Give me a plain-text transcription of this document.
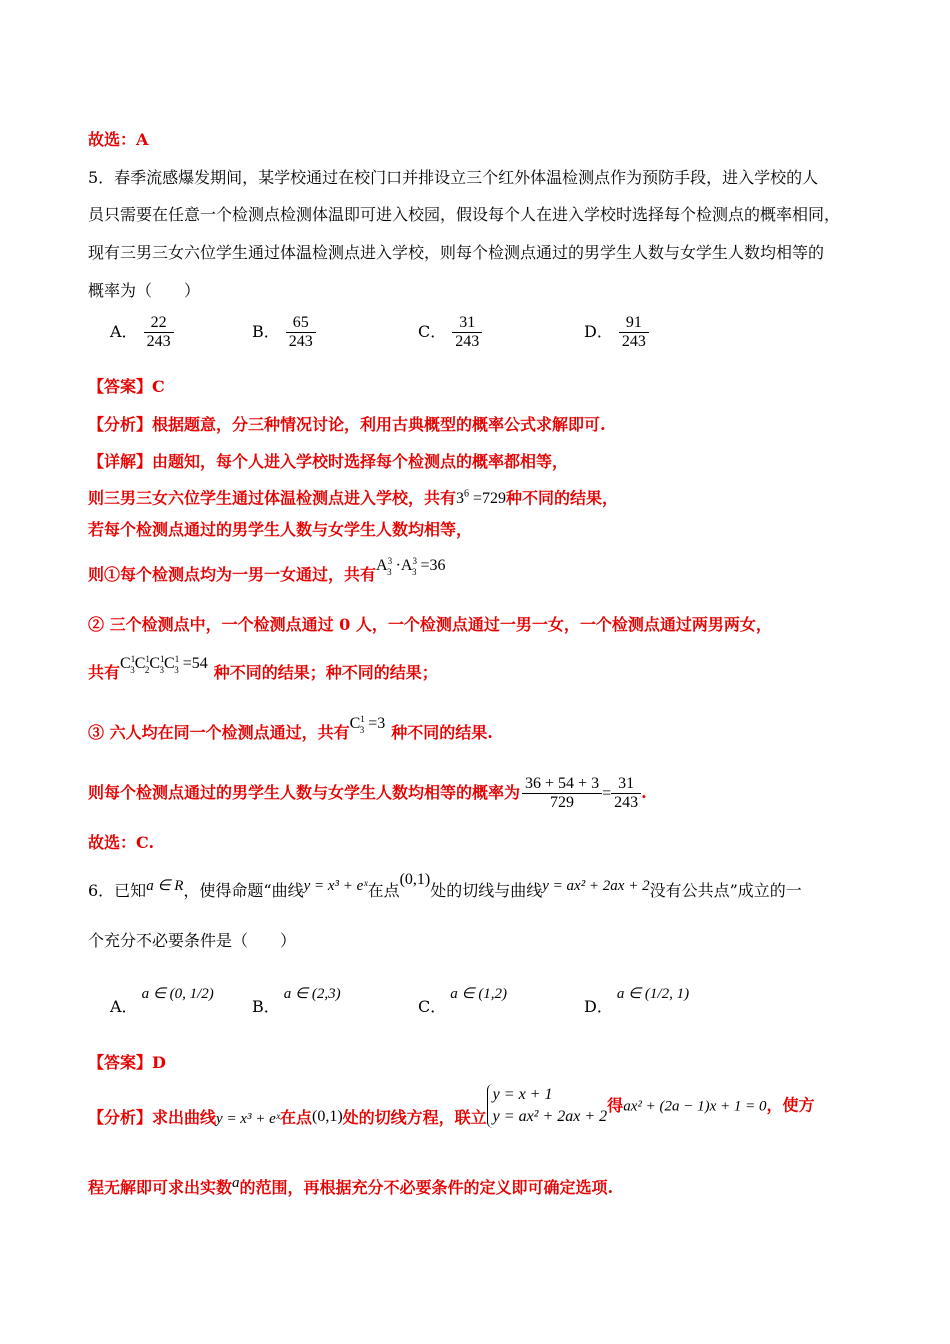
故选：A
5．春季流感爆发期间，某学校通过在校门口并排设立三个红外体温检测点作为预防手段，进入学校的人
员只需要在任意一个检测点检测体温即可进入校园，假设每个人在进入学校时选择每个检测点的概率相同，
现有三男三女六位学生通过体温检测点进入学校，则每个检测点通过的男学生人数与女学生人数均相等的
概率为（　　）
A． $\frac{22}{243}$	B． $\frac{65}{243}$	C． $\frac{31}{243}$	D． $\frac{91}{243}$
【答案】C
【分析】根据题意，分三种情况讨论，利用古典概型的概率公式求解即可.
【详解】由题知，每个人进入学校时选择每个检测点的概率都相等，
则三男三女六位学生通过体温检测点进入学校，共有$3^6 =729$种不同的结果，
若每个检测点通过的男学生人数与女学生人数均相等，
则①每个检测点均为一男一女通过，共有$A^3_3 \cdot A^3_3 =36$
② 三个检测点中，一个检测点通过 0 人，一个检测点通过一男一女，一个检测点通过两男两女，
共有$C^1_3C^1_2C^1_3C^1_3 =54$ 种不同的结果；种不同的结果；
③ 六人均在同一个检测点通过，共有$C^1_3 =3$ 种不同的结果.
则每个检测点通过的男学生人数与女学生人数均相等的概率为 $\frac{36 + 54 + 3}{729} = \frac{31}{243}$ .
故选：C.
6．已知a ∈ R，使得命题“曲线y = x³ + eˣ在点(0,1)处的切线与曲线y = ax² + 2ax + 2没有公共点”成立的一
个充分不必要条件是（　　）
A．a ∈ (0, 1/2)
B．a ∈ (2,3)
C．a ∈ (1,2)
D．a ∈ (1/2, 1)
【答案】D
【分析】求出曲线y = x³ + eˣ在点(0,1)处的切线方程，联立
y = x + 1
y = ax² + 2ax + 2
得ax² + (2a − 1)x + 1 = 0，使方
程无解即可求出实数a的范围，再根据充分不必要条件的定义即可确定选项.
